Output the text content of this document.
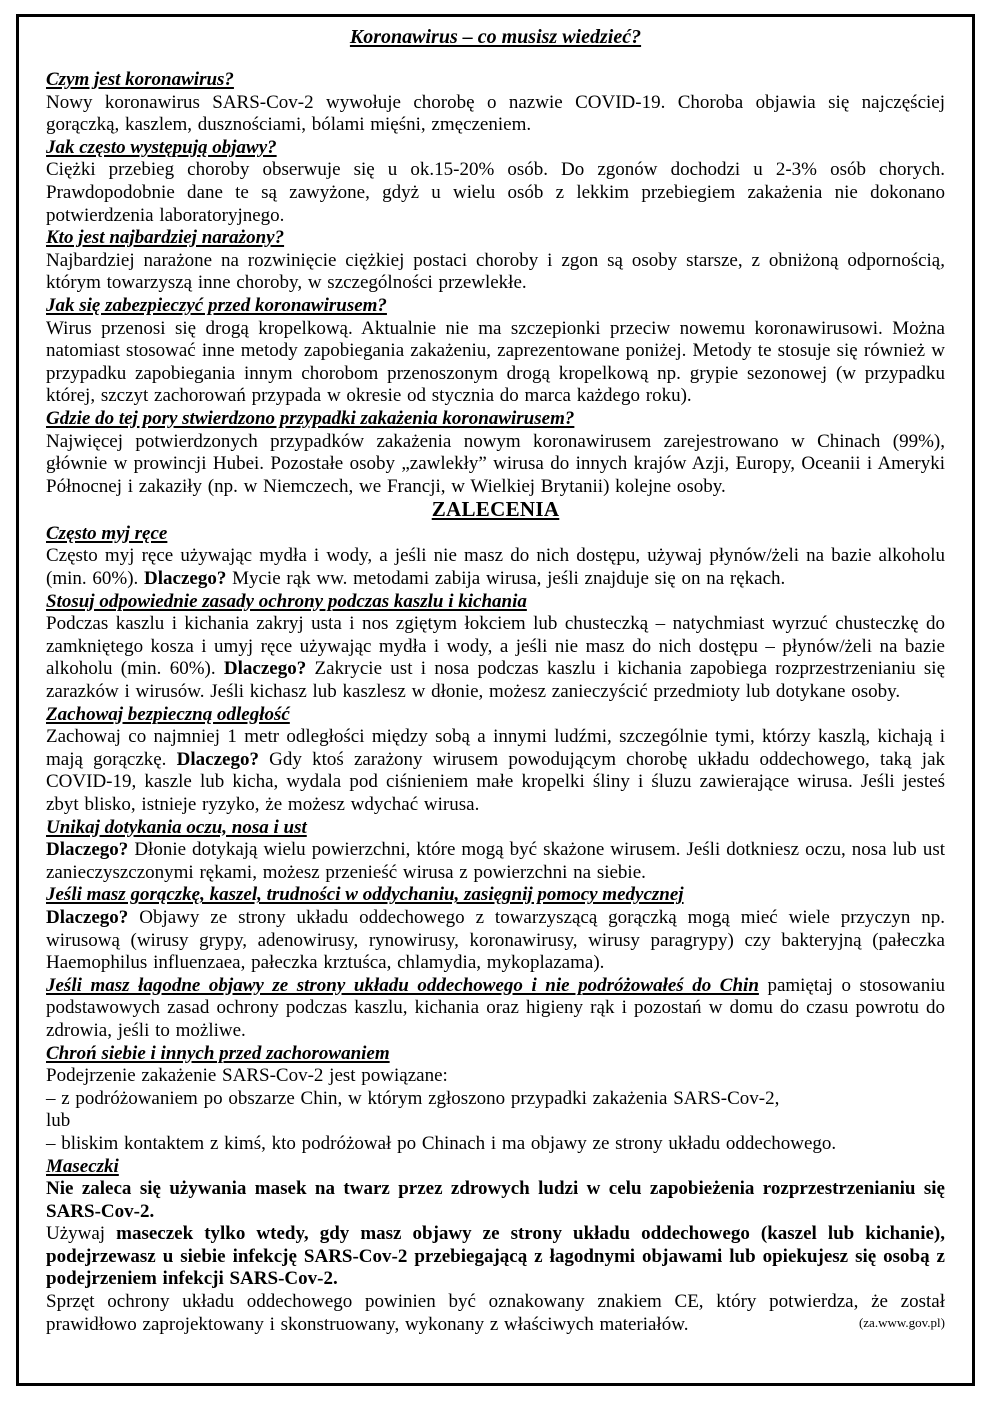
Koronawirus – co musisz wiedzieć?
Czym jest koronawirus?

Nowy koronawirus SARS-Cov-2 wywołuje chorobę o nazwie COVID-19. Choroba objawia się najczęściej gorączką, kaszlem, dusznościami, bólami mięśni, zmęczeniem.

Jak często występują objawy?

Ciężki przebieg choroby obserwuje się u ok.15-20% osób. Do zgonów dochodzi u 2-3% osób chorych. Prawdopodobnie dane te są zawyżone, gdyż u wielu osób z lekkim przebiegiem zakażenia nie dokonano potwierdzenia laboratoryjnego.

Kto jest najbardziej narażony?

Najbardziej narażone na rozwinięcie ciężkiej postaci choroby i zgon są osoby starsze, z obniżoną odpornością, którym towarzyszą inne choroby, w szczególności przewlekłe.

Jak się zabezpieczyć przed koronawirusem?

Wirus przenosi się drogą kropelkową. Aktualnie nie ma szczepionki przeciw nowemu koronawirusowi. Można natomiast stosować inne metody zapobiegania zakażeniu, zaprezentowane poniżej. Metody te stosuje się również w przypadku zapobiegania innym chorobom przenoszonym drogą kropelkową np. grypie sezonowej (w przypadku której, szczyt zachorowań przypada w okresie od stycznia do marca każdego roku).

Gdzie do tej pory stwierdzono przypadki zakażenia koronawirusem?

Najwięcej potwierdzonych przypadków zakażenia nowym koronawirusem zarejestrowano w Chinach (99%), głównie w prowincji Hubei. Pozostałe osoby „zawlekły” wirusa do innych krajów Azji, Europy, Oceanii i Ameryki Północnej i zakaziły (np. w Niemczech, we Francji, w Wielkiej Brytanii) kolejne osoby.

ZALECENIA
Często myj ręce

Często myj ręce używając mydła i wody, a jeśli nie masz do nich dostępu, używaj płynów/żeli na bazie alkoholu (min. 60%). Dlaczego? Mycie rąk ww. metodami zabija wirusa, jeśli znajduje się on na rękach.

Stosuj odpowiednie zasady ochrony podczas kaszlu i kichania

Podczas kaszlu i kichania zakryj usta i nos zgiętym łokciem lub chusteczką – natychmiast wyrzuć chusteczkę do zamkniętego kosza i umyj ręce używając mydła i wody, a jeśli nie masz do nich dostępu – płynów/żeli na bazie alkoholu (min. 60%). Dlaczego? Zakrycie ust i nosa podczas kaszlu i kichania zapobiega rozprzestrzenianiu się zarazków i wirusów. Jeśli kichasz lub kaszlesz w dłonie, możesz zanieczyścić przedmioty lub dotykane osoby.

Zachowaj bezpieczną odległość

Zachowaj co najmniej 1 metr odległości między sobą a innymi ludźmi, szczególnie tymi, którzy kaszlą, kichają i mają gorączkę. Dlaczego? Gdy ktoś zarażony wirusem powodującym chorobę układu oddechowego, taką jak COVID-19, kaszle lub kicha, wydala pod ciśnieniem małe kropelki śliny i śluzu zawierające wirusa. Jeśli jesteś zbyt blisko, istnieje ryzyko, że możesz wdychać wirusa.

Unikaj dotykania oczu, nosa i ust

Dlaczego? Dłonie dotykają wielu powierzchni, które mogą być skażone wirusem. Jeśli dotkniesz oczu, nosa lub ust zanieczyszczonymi rękami, możesz przenieść wirusa z powierzchni na siebie.

Jeśli masz gorączkę, kaszel, trudności w oddychaniu, zasięgnij pomocy medycznej

Dlaczego? Objawy ze strony układu oddechowego z towarzyszącą gorączką mogą mieć wiele przyczyn np. wirusową (wirusy grypy, adenowirusy, rynowirusy, koronawirusy, wirusy paragrypy) czy bakteryjną (pałeczka Haemophilus influenzaea, pałeczka krztuśca, chlamydia, mykoplazama).

Jeśli masz łagodne objawy ze strony układu oddechowego i nie podróżowałeś do Chin pamiętaj o stosowaniu podstawowych zasad ochrony podczas kaszlu, kichania oraz higieny rąk i pozostań w domu do czasu powrotu do zdrowia, jeśli to możliwe.

Chroń siebie i innych przed zachorowaniem

Podejrzenie zakażenie SARS-Cov-2 jest powiązane:

– z podróżowaniem po obszarze Chin, w którym zgłoszono przypadki zakażenia SARS-Cov-2,

lub

– bliskim kontaktem z kimś, kto podróżował po Chinach i ma objawy ze strony układu oddechowego.

Maseczki

Nie zaleca się używania masek na twarz przez zdrowych ludzi w celu zapobieżenia rozprzestrzenianiu się SARS-Cov-2.

Używaj maseczek tylko wtedy, gdy masz objawy ze strony układu oddechowego (kaszel lub kichanie), podejrzewasz u siebie infekcję SARS-Cov-2 przebiegającą z łagodnymi objawami lub opiekujesz się osobą z podejrzeniem infekcji SARS-Cov-2.

Sprzęt ochrony układu oddechowego powinien być oznakowany znakiem CE, który potwierdza, że został prawidłowo zaprojektowany i skonstruowany, wykonany z właściwych materiałów.	(za.www.gov.pl)
